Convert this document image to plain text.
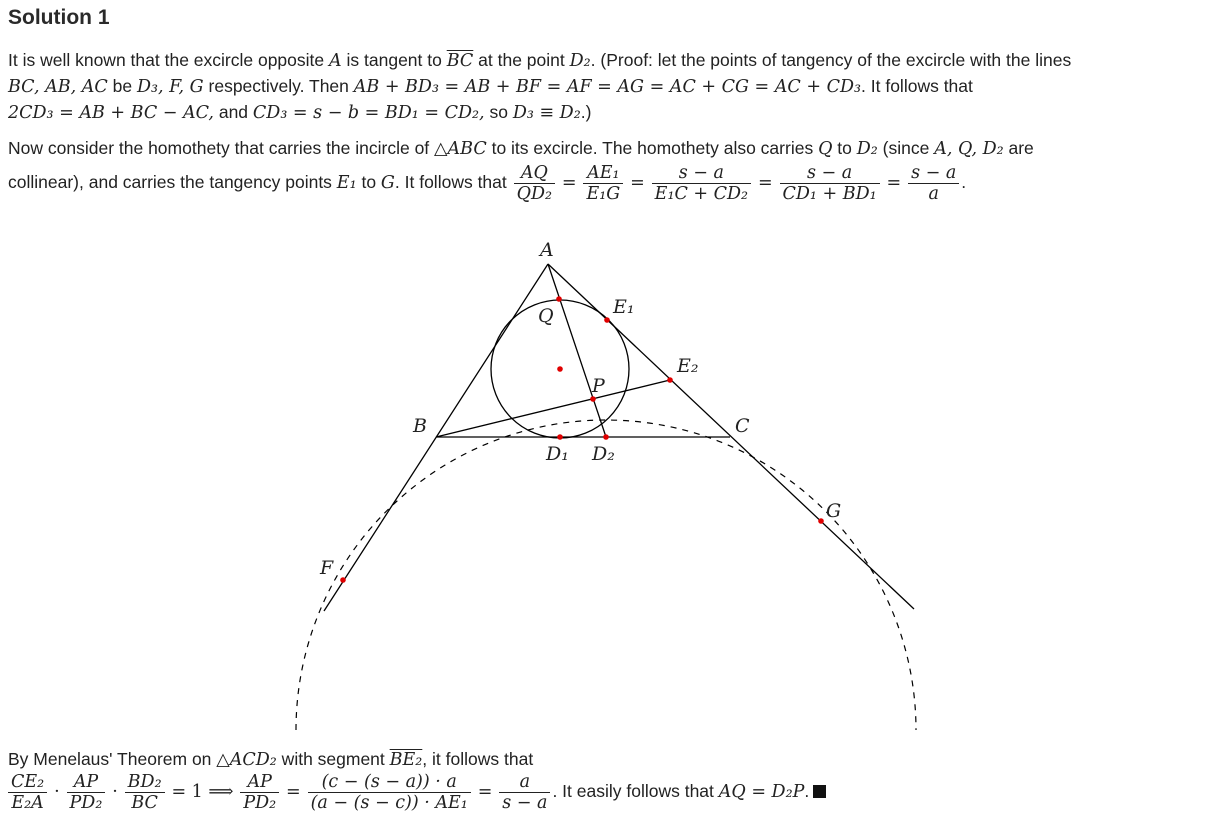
Solution 1
It is well known that the excircle opposite A is tangent to $\overline{BC}$ at the point D₂. (Proof: let the points of tangency of the excircle with the lines
BC, AB, AC be D₃, F, G respectively. Then AB + BD₃ = AB + BF = AF = AG = AC + CG = AC + CD₃. It follows that
2CD₃ = AB + BC − AC, and CD₃ = s − b = BD₁ = CD₂, so D₃ ≡ D₂.)
Now consider the homothety that carries the incircle of △ABC to its excircle. The homothety also carries Q to D₂ (since A, Q, D₂ are
collinear), and carries the tangency points E₁ to G. It follows that $\frac{AQ}{\text{QD₂}} = \frac{\text{AE₁}}{\text{E₁G}} = \frac{s - a}{\text{E₁C + CD₂}} = \frac{s - a}{\text{CD₁ + BD₁}} = \frac{s - a}{a}$ .
A
B	C
Q
P
E₁
E₂
D₁ D₂
F
G
By Menelaus' Theorem on △ACD₂ with segment BE₂, it follows that
$\frac{\text{CE₂}}{\text{E₂A}} \cdot \frac{AP}{\text{PD₂}} \cdot \frac{\text{BD₂}}{BC} = 1$ ⟹ $\frac{AP}{\text{PD₂}} = \frac{(c - (s - a)) \cdot a}{\text{(a − (s − c)) · AE₁}} = \frac{a}{s - a}$ . It easily follows that AQ = D₂P.
